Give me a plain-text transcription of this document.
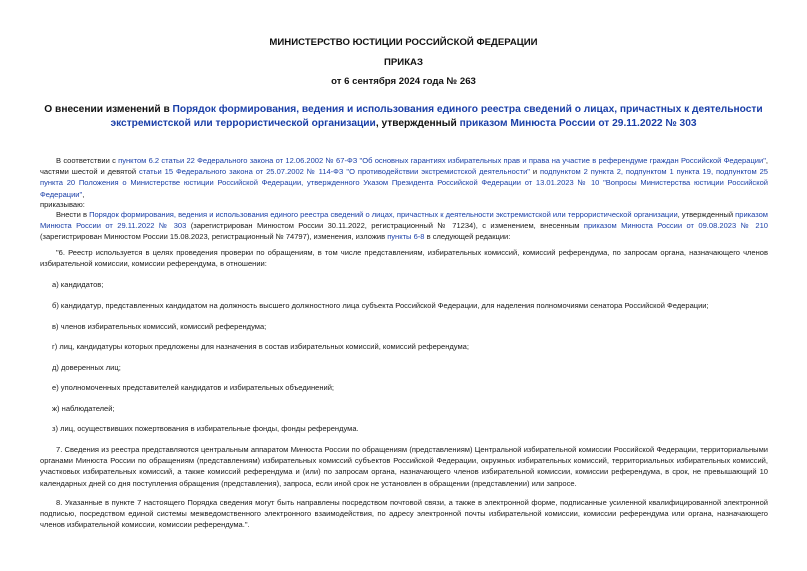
МИНИСТЕРСТВО ЮСТИЦИИ РОССИЙСКОЙ ФЕДЕРАЦИИ
ПРИКАЗ
от 6 сентября 2024 года № 263
О внесении изменений в Порядок формирования, ведения и использования единого реестра сведений о лицах, причастных к деятельности экстремистской или террористической организации, утвержденный приказом Минюста России от 29.11.2022 № 303
В соответствии с пунктом 6.2 статьи 22 Федерального закона от 12.06.2002 № 67-ФЗ "Об основных гарантиях избирательных прав и права на участие в референдуме граждан Российской Федерации", частями шестой и девятой статьи 15 Федерального закона от 25.07.2002 № 114-ФЗ "О противодействии экстремистской деятельности" и подпунктом 2 пункта 2, подпунктом 1 пункта 19, подпунктом 25 пункта 20 Положения о Министерстве юстиции Российской Федерации, утвержденного Указом Президента Российской Федерации от 13.01.2023 № 10 "Вопросы Министерства юстиции Российской Федерации",
приказываю:
Внести в Порядок формирования, ведения и использования единого реестра сведений о лицах, причастных к деятельности экстремистской или террористической организации, утвержденный приказом Минюста России от 29.11.2022 № 303 (зарегистрирован Минюстом России 30.11.2022, регистрационный № 71234), с изменением, внесенным приказом Минюста России от 09.08.2023 № 210 (зарегистрирован Минюстом России 15.08.2023, регистрационный № 74797), изменения, изложив пункты 6-8 в следующей редакции:
"6. Реестр используется в целях проведения проверки по обращениям, в том числе представлениям, избирательных комиссий, комиссий референдума, по запросам органа, назначающего членов избирательной комиссии, комиссии референдума, в отношении:
а) кандидатов;
б) кандидатур, представленных кандидатом на должность высшего должностного лица субъекта Российской Федерации, для наделения полномочиями сенатора Российской Федерации;
в) членов избирательных комиссий, комиссий референдума;
г) лиц, кандидатуры которых предложены для назначения в состав избирательных комиссий, комиссий референдума;
д) доверенных лиц;
е) уполномоченных представителей кандидатов и избирательных объединений;
ж) наблюдателей;
з) лиц, осуществивших пожертвования в избирательные фонды, фонды референдума.
7. Сведения из реестра представляются центральным аппаратом Минюста России по обращениям (представлениям) Центральной избирательной комиссии Российской Федерации, территориальными органами Минюста России по обращениям (представлениям) избирательных комиссий субъектов Российской Федерации, окружных избирательных комиссий, территориальных избирательных комиссий, участковых избирательных комиссий, а также комиссий референдума и (или) по запросам органа, назначающего членов избирательной комиссии, комиссии референдума, в срок, не превышающий 10 календарных дней со дня поступления обращения (представления), запроса, если иной срок не установлен в обращении (представлении) или запросе.
8. Указанные в пункте 7 настоящего Порядка сведения могут быть направлены посредством почтовой связи, а также в электронной форме, подписанные усиленной квалифицированной электронной подписью, посредством единой системы межведомственного электронного взаимодействия, по адресу электронной почты избирательной комиссии, комиссии референдума или органа, назначающего членов избирательной комиссии, комиссии референдума.".
